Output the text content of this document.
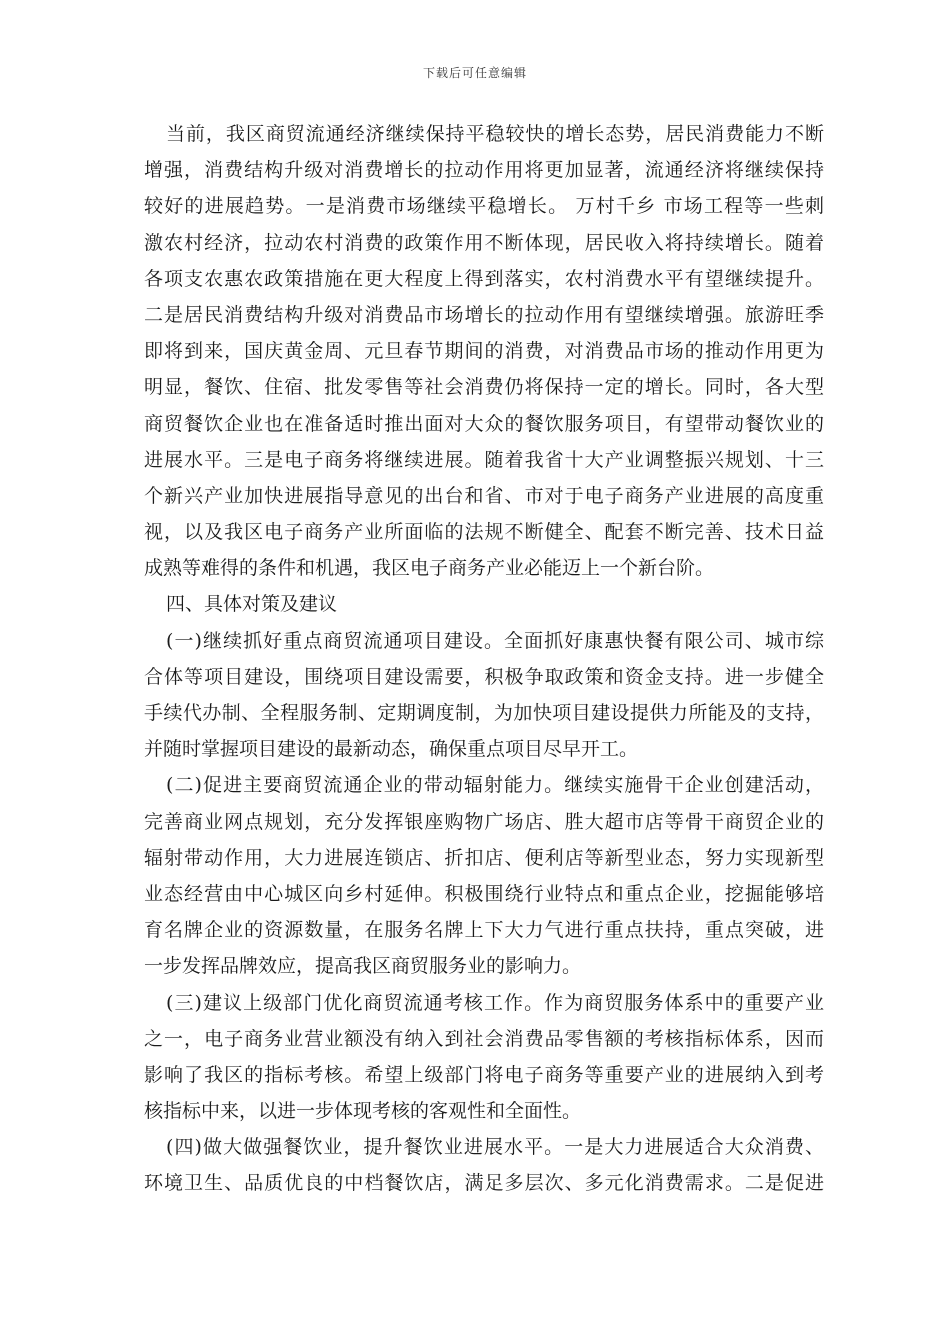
下载后可任意编辑
当前，我区商贸流通经济继续保持平稳较快的增长态势，居民消费能力不断
增强，消费结构升级对消费增长的拉动作用将更加显著，流通经济将继续保持
较好的进展趋势。一是消费市场继续平稳增长。 万村千乡 市场工程等一些刺
激农村经济，拉动农村消费的政策作用不断体现，居民收入将持续增长。随着
各项支农惠农政策措施在更大程度上得到落实，农村消费水平有望继续提升。
二是居民消费结构升级对消费品市场增长的拉动作用有望继续增强。旅游旺季
即将到来，国庆黄金周、元旦春节期间的消费，对消费品市场的推动作用更为
明显，餐饮、住宿、批发零售等社会消费仍将保持一定的增长。同时，各大型
商贸餐饮企业也在准备适时推出面对大众的餐饮服务项目，有望带动餐饮业的
进展水平。三是电子商务将继续进展。随着我省十大产业调整振兴规划、十三
个新兴产业加快进展指导意见的出台和省、市对于电子商务产业进展的高度重
视，以及我区电子商务产业所面临的法规不断健全、配套不断完善、技术日益
成熟等难得的条件和机遇，我区电子商务产业必能迈上一个新台阶。
四、具体对策及建议
(一)继续抓好重点商贸流通项目建设。全面抓好康惠快餐有限公司、城市综
合体等项目建设，围绕项目建设需要，积极争取政策和资金支持。进一步健全
手续代办制、全程服务制、定期调度制，为加快项目建设提供力所能及的支持，
并随时掌握项目建设的最新动态，确保重点项目尽早开工。
(二)促进主要商贸流通企业的带动辐射能力。继续实施骨干企业创建活动，
完善商业网点规划，充分发挥银座购物广场店、胜大超市店等骨干商贸企业的
辐射带动作用，大力进展连锁店、折扣店、便利店等新型业态，努力实现新型
业态经营由中心城区向乡村延伸。积极围绕行业特点和重点企业，挖掘能够培
育名牌企业的资源数量，在服务名牌上下大力气进行重点扶持，重点突破，进
一步发挥品牌效应，提高我区商贸服务业的影响力。
(三)建议上级部门优化商贸流通考核工作。作为商贸服务体系中的重要产业
之一，电子商务业营业额没有纳入到社会消费品零售额的考核指标体系，因而
影响了我区的指标考核。希望上级部门将电子商务等重要产业的进展纳入到考
核指标中来，以进一步体现考核的客观性和全面性。
(四)做大做强餐饮业，提升餐饮业进展水平。一是大力进展适合大众消费、
环境卫生、品质优良的中档餐饮店，满足多层次、多元化消费需求。二是促进
